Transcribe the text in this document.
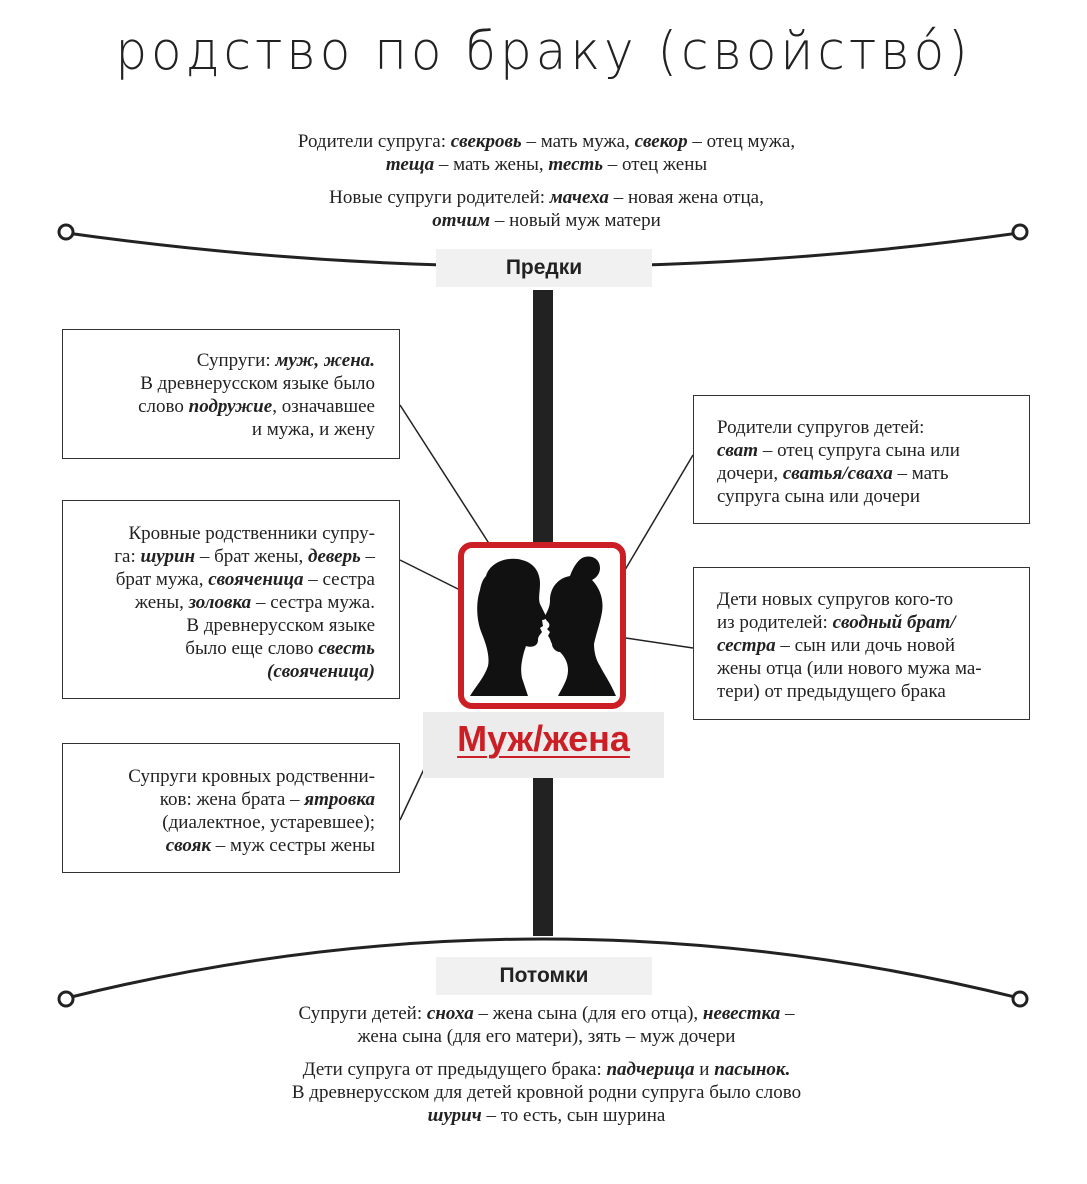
родство по браку (свойство́)
Родители супруга: свекровь – мать мужа, свекор – отец мужа,
теща – мать жены, тесть – отец жены
Новые супруги родителей: мачеха – новая жена отца,
отчим – новый муж матери
Предки
Потомки
Супруги: муж, жена.
В древнерусском языке было
слово подружие, означавшее
и мужа, и жену
Кровные родственники супру-
га: шурин – брат жены, деверь –
брат мужа, свояченица – сестра
жены, золовка – сестра мужа.
В древнерусском языке
было еще слово свесть
(свояченица)
Супруги кровных родственни-
ков: жена брата – ятровка
(диалектное, устаревшее);
свояк – муж сестры жены
Родители супругов детей:
сват – отец супруга сына или
дочери, сватья/сваха – мать
супруга сына или дочери
Дети новых супругов кого-то
из родителей: сводный брат/
сестра – сын или дочь новой
жены отца (или нового мужа ма-
тери) от предыдущего брака
Муж/жена
Супруги детей: сноха – жена сына (для его отца), невестка –
жена сына (для его матери), зять – муж дочери
Дети супруга от предыдущего брака: падчерица и пасынок.
В древнерусском для детей кровной родни супруга было слово
шурич – то есть, сын шурина
